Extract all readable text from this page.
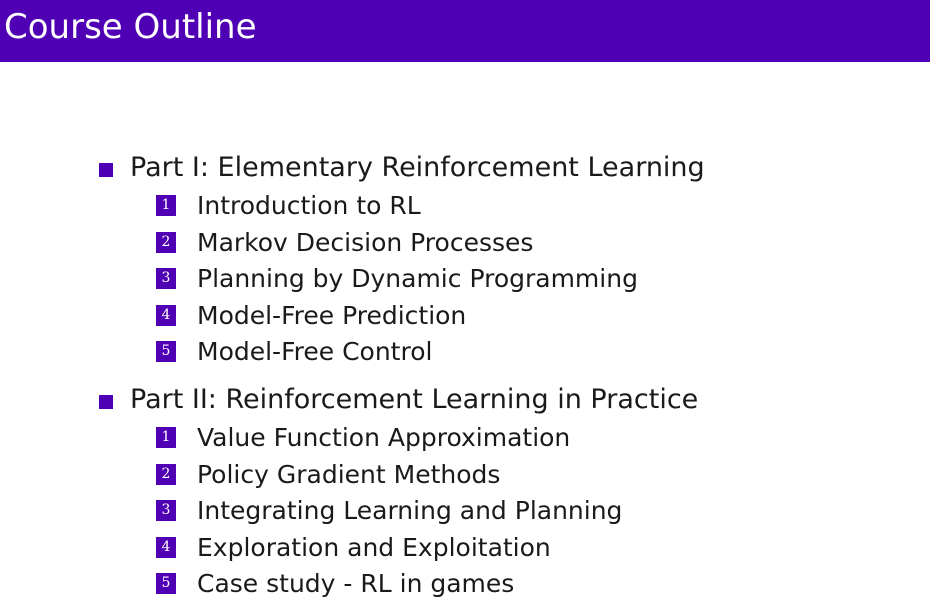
Course Outline
Part I: Elementary Reinforcement Learning
1 Introduction to RL
2 Markov Decision Processes
3 Planning by Dynamic Programming
4 Model-Free Prediction
5 Model-Free Control
Part II: Reinforcement Learning in Practice
1 Value Function Approximation
2 Policy Gradient Methods
3 Integrating Learning and Planning
4 Exploration and Exploitation
5 Case study - RL in games
